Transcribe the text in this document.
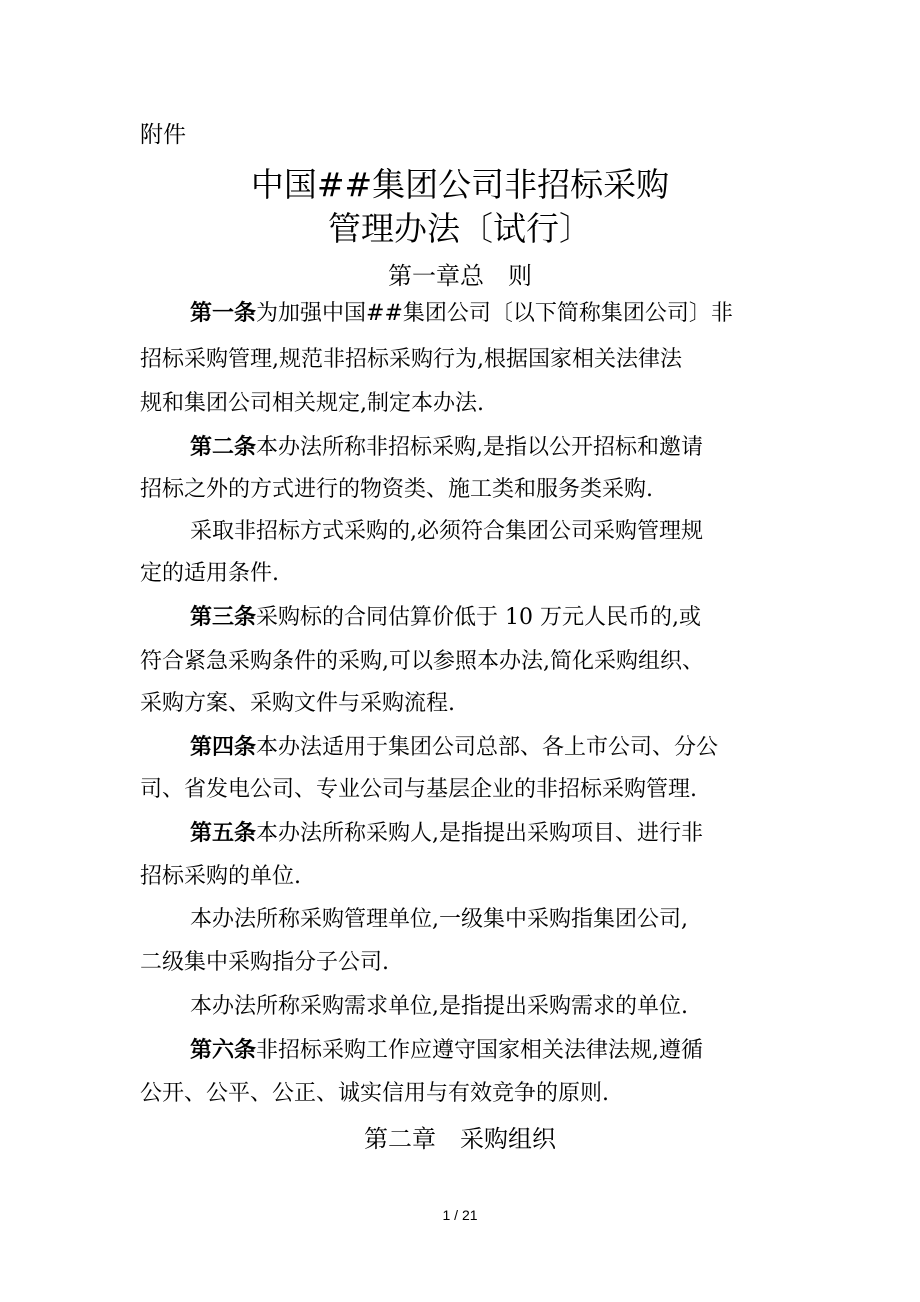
附件
中国##集团公司非招标采购
管理办法〔试行〕
第一章总　则
第一条为加强中国##集团公司〔以下简称集团公司〕非
招标采购管理,规范非招标采购行为,根据国家相关法律法
规和集团公司相关规定,制定本办法.
第二条本办法所称非招标采购,是指以公开招标和邀请
招标之外的方式进行的物资类、施工类和服务类采购.
采取非招标方式采购的,必须符合集团公司采购管理规
定的适用条件.
第三条采购标的合同估算价低于 10 万元人民币的,或
符合紧急采购条件的采购,可以参照本办法,简化采购组织、
采购方案、采购文件与采购流程.
第四条本办法适用于集团公司总部、各上市公司、分公
司、省发电公司、专业公司与基层企业的非招标采购管理.
第五条本办法所称采购人,是指提出采购项目、进行非
招标采购的单位.
本办法所称采购管理单位,一级集中采购指集团公司,
二级集中采购指分子公司.
本办法所称采购需求单位,是指提出采购需求的单位.
第六条非招标采购工作应遵守国家相关法律法规,遵循
公开、公平、公正、诚实信用与有效竞争的原则.
第二章　采购组织
1 / 21
